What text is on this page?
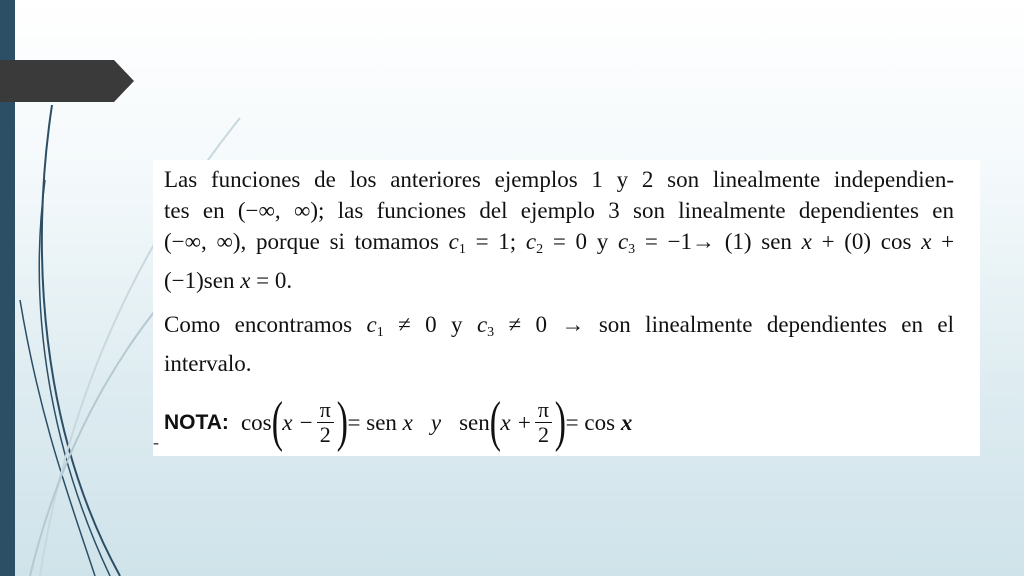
Las funciones de los anteriores ejemplos 1 y 2 son linealmente independien-
tes en (−∞, ∞); las funciones del ejemplo 3 son linealmente dependientes en
(−∞, ∞), porque si tomamos $c_1 = 1$; $c_2 = 0$ y $c_3 = -1\to (1)$ sen x + (0) cos x +
(−1)sen x = 0.
Como encontramos $c_1 \ne 0$ y $c_3 \ne 0$ → son linealmente dependientes en el
intervalo.
NOTA: cos ( $x - \frac{\pi}{2}$ ) = sen
x y sen ( $x + \frac{\pi}{2}$ ) = cos
x
-
